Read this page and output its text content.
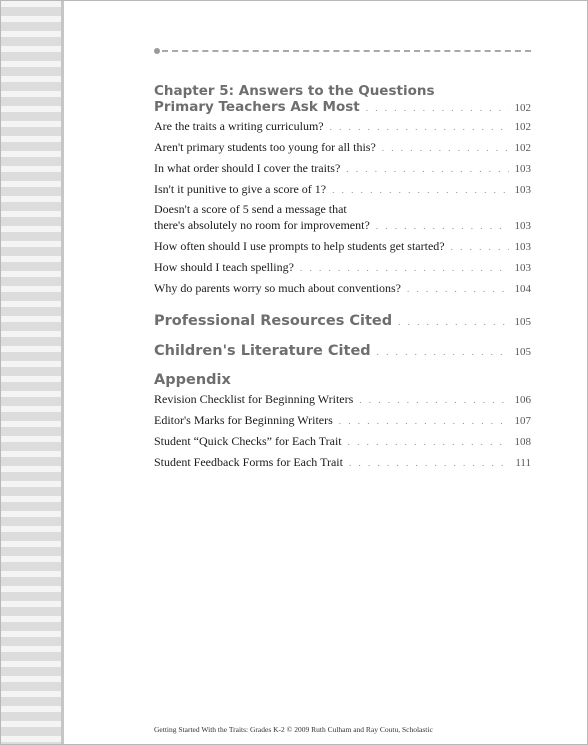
Chapter 5: Answers to the Questions
Primary Teachers Ask Most . . .	102
Are the traits a writing curriculum? . . .	102
Aren't primary students too young for all this? . . .	102
In what order should I cover the traits? . . .	103
Isn't it punitive to give a score of 1? . . .	103
Doesn't a score of 5 send a message that
there's absolutely no room for improvement? . . .	103
How often should I use prompts to help students get started? . . .	103
How should I teach spelling? . . .	103
Why do parents worry so much about conventions? . . .	104
Professional Resources Cited . . .	105
Children's Literature Cited . . .	105
Appendix
Revision Checklist for Beginning Writers . . .	106
Editor's Marks for Beginning Writers . . .	107
Student “Quick Checks” for Each Trait . . .	108
Student Feedback Forms for Each Trait . . .	111
Getting Started With the Traits: Grades K-2 © 2009 Ruth Culham and Ray Coutu, Scholastic
